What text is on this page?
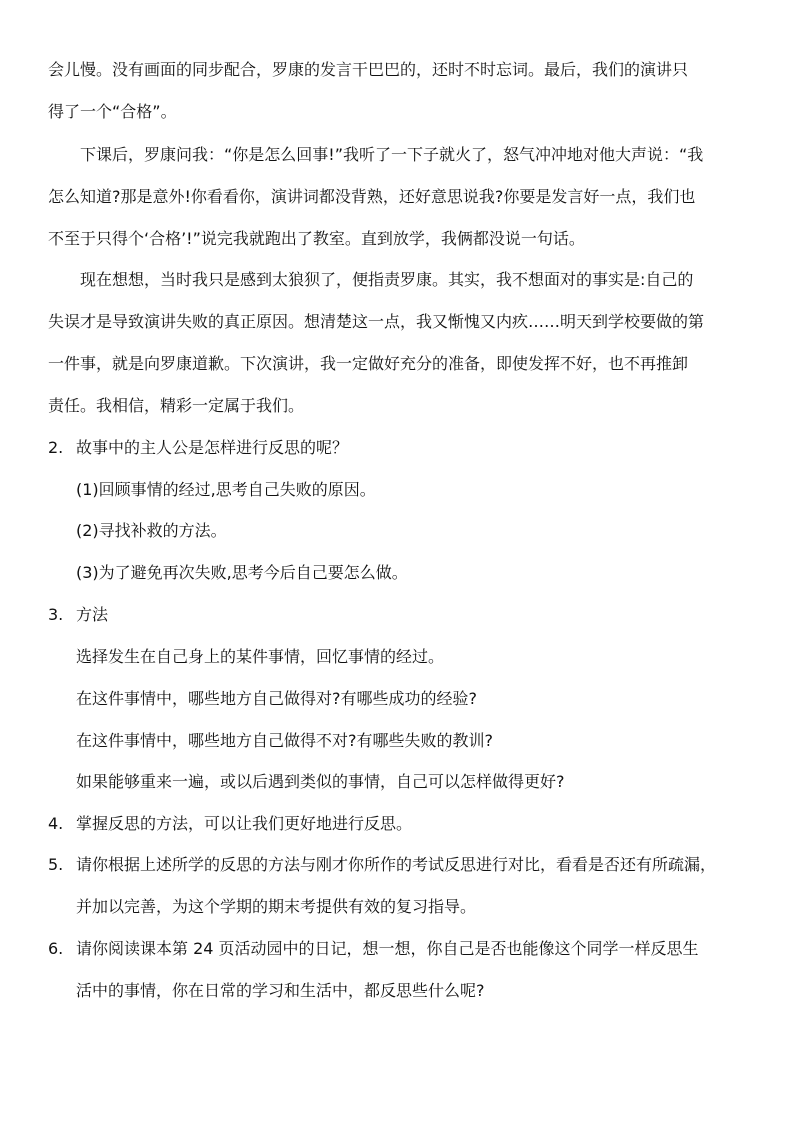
会儿慢。没有画面的同步配合，罗康的发言干巴巴的，还时不时忘词。最后，我们的演讲只
得了一个“合格”。
下课后，罗康问我：“你是怎么回事!”我听了一下子就火了，怒气冲冲地对他大声说：“我
怎么知道?那是意外!你看看你，演讲词都没背熟，还好意思说我?你要是发言好一点，我们也
不至于只得个‘合格’!”说完我就跑出了教室。直到放学，我俩都没说一句话。
现在想想，当时我只是感到太狼狈了，便指责罗康。其实，我不想面对的事实是:自己的
失误才是导致演讲失败的真正原因。想清楚这一点，我又惭愧又内疚……明天到学校要做的第
一件事，就是向罗康道歉。下次演讲，我一定做好充分的准备，即使发挥不好，也不再推卸
责任。我相信，精彩一定属于我们。
2. 故事中的主人公是怎样进行反思的呢？
(1)回顾事情的经过,思考自己失败的原因。
(2)寻找补救的方法。
(3)为了避免再次失败,思考今后自己要怎么做。
3. 方法
选择发生在自己身上的某件事情，回忆事情的经过。
在这件事情中，哪些地方自己做得对?有哪些成功的经验?
在这件事情中，哪些地方自己做得不对?有哪些失败的教训?
如果能够重来一遍，或以后遇到类似的事情，自己可以怎样做得更好?
4. 掌握反思的方法，可以让我们更好地进行反思。
5. 请你根据上述所学的反思的方法与刚才你所作的考试反思进行对比，看看是否还有所疏漏，
并加以完善，为这个学期的期末考提供有效的复习指导。
6. 请你阅读课本第 24 页活动园中的日记，想一想，你自己是否也能像这个同学一样反思生
活中的事情，你在日常的学习和生活中，都反思些什么呢?
